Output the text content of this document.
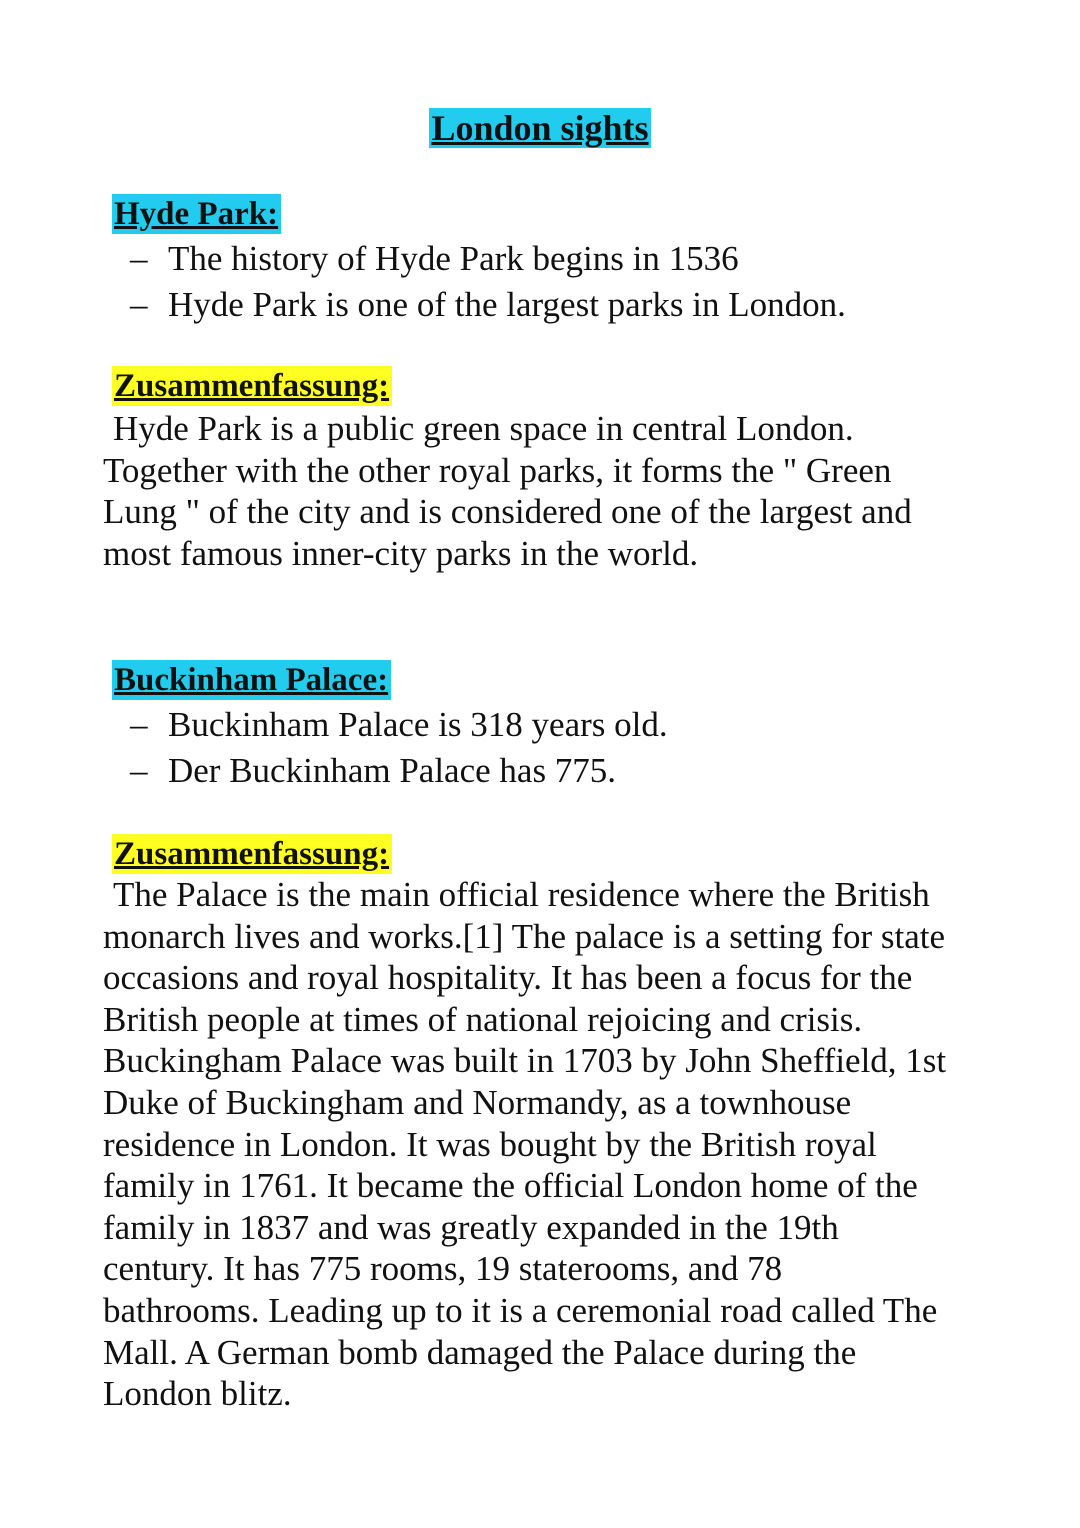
London sights
Hyde Park:
– The history of Hyde Park begins in 1536
– Hyde Park is one of the largest parks in London.
Zusammenfassung:
Hyde Park is a public green space in central London.
Together with the other royal parks, it forms the " Green
Lung " of the city and is considered one of the largest and
most famous inner-city parks in the world.
Buckinham Palace:
– Buckinham Palace is 318 years old.
– Der Buckinham Palace has 775.
Zusammenfassung:
The Palace is the main official residence where the British
monarch lives and works.[1] The palace is a setting for state
occasions and royal hospitality. It has been a focus for the
British people at times of national rejoicing and crisis.
Buckingham Palace was built in 1703 by John Sheffield, 1st
Duke of Buckingham and Normandy, as a townhouse
residence in London. It was bought by the British royal
family in 1761. It became the official London home of the
family in 1837 and was greatly expanded in the 19th
century. It has 775 rooms, 19 staterooms, and 78
bathrooms. Leading up to it is a ceremonial road called The
Mall. A German bomb damaged the Palace during the
London blitz.
